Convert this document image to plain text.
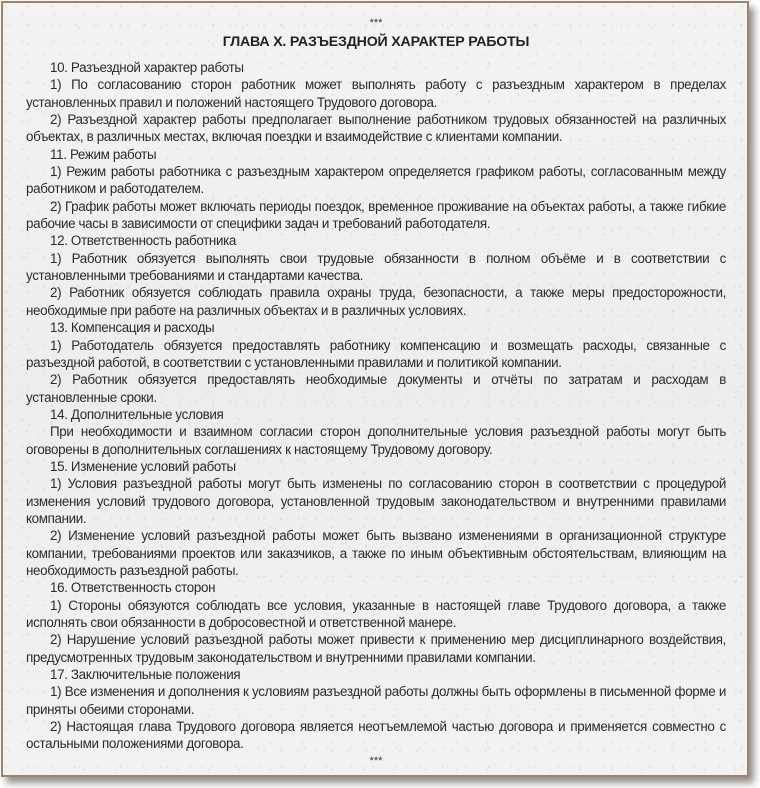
***
ГЛАВА Х. РАЗЪЕЗДНОЙ ХАРАКТЕР РАБОТЫ

10. Разъездной характер работы

1) По согласованию сторон работник может выполнять работу с разъездным характером в пределах установленных правил и положений настоящего Трудового договора.

2) Разъездной характер работы предполагает выполнение работником трудовых обязанностей на различных объектах, в различных местах, включая поездки и взаимодействие с клиентами компании.

11. Режим работы

1) Режим работы работника с разъездным характером определяется графиком работы, согласованным между работником и работодателем.

2) График работы может включать периоды поездок, временное проживание на объектах работы, а также гибкие рабочие часы в зависимости от специфики задач и требований работодателя.

12. Ответственность работника

1) Работник обязуется выполнять свои трудовые обязанности в полном объёме и в соответствии с установленными требованиями и стандартами качества.

2) Работник обязуется соблюдать правила охраны труда, безопасности, а также меры предосторожности, необходимые при работе на различных объектах и в различных условиях.

13. Компенсация и расходы

1) Работодатель обязуется предоставлять работнику компенсацию и возмещать расходы, связанные с разъездной работой, в соответствии с установленными правилами и политикой компании.

2) Работник обязуется предоставлять необходимые документы и отчёты по затратам и расходам в установленные сроки.

14. Дополнительные условия

При необходимости и взаимном согласии сторон дополнительные условия разъездной работы могут быть оговорены в дополнительных соглашениях к настоящему Трудовому договору.

15. Изменение условий работы

1) Условия разъездной работы могут быть изменены по согласованию сторон в соответствии с процедурой изменения условий трудового договора, установленной трудовым законодательством и внутренними правилами компании.

2) Изменение условий разъездной работы может быть вызвано изменениями в организационной структуре компании, требованиями проектов или заказчиков, а также по иным объективным обстоятельствам, влияющим на необходимость разъездной работы.

16. Ответственность сторон

1) Стороны обязуются соблюдать все условия, указанные в настоящей главе Трудового договора, а также исполнять свои обязанности в добросовестной и ответственной манере.

2) Нарушение условий разъездной работы может привести к применению мер дисциплинарного воздействия, предусмотренных трудовым законодательством и внутренними правилами компании.

17. Заключительные положения

1) Все изменения и дополнения к условиям разъездной работы должны быть оформлены в письменной форме и приняты обеими сторонами.

2) Настоящая глава Трудового договора является неотъемлемой частью договора и применяется совместно с остальными положениями договора.

***
